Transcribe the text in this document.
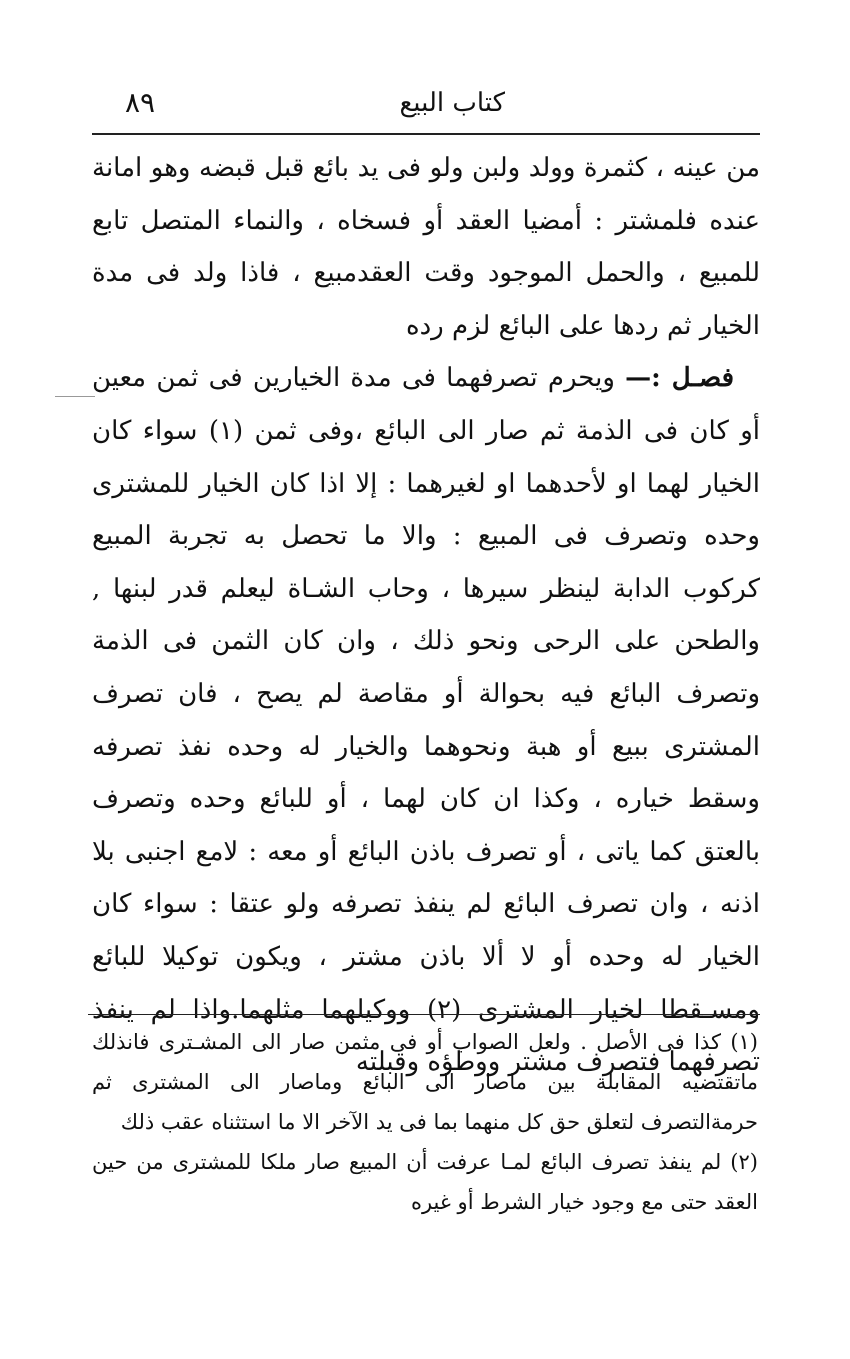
كتاب البيع
٨٩

من عينه ، كثمرة وولد ولبن ولو فى يد بائع قبل قبضه وهو امانة عنده فلمشتر : أمضيا العقد أو فسخاه ، والنماء المتصل تابع للمبيع ، والحمل الموجود وقت العقدمبيع ، فاذا ولد فى مدة الخيار ثم ردها على البائع لزم رده

 فصـل :— ويحرم تصرفهما فى مدة الخيارين فى ثمن معين أو كان فى الذمة ثم صار الى البائع ،وفى ثمن (١) سواء كان الخيار لهما او لأحدهما او لغيرهما : إلا اذا كان الخيار للمشترى وحده وتصرف فى المبيع : والا ما تحصل به تجربة المبيع كركوب الدابة لينظر سيرها ، وحاب الشـاة ليعلم قدر لبنها , والطحن على الرحى ونحو ذلك ، وان كان الثمن فى الذمة وتصرف البائع فيه بحوالة أو مقاصة لم يصح ، فان تصرف المشترى ببيع أو هبة ونحوهما والخيار له وحده نفذ تصرفه وسقط خياره ، وكذا ان كان لهما ، أو للبائع وحده وتصرف بالعتق كما ياتى ، أو تصرف باذن البائع أو معه : لامع اجنبى بلا اذنه ، وان تصرف البائع لم ينفذ تصرفه ولو عتقا : سواء كان الخيار له وحده أو لا ألا باذن مشتر ، ويكون توكيلا للبائع ومسـقطا لخيار المشترى (٢) ووكيلهما مثلهما.واذا لم ينفذ تصرفهما فتصرف مشتر ووطؤه وقبلته

(١) كذا فى الأصل . ولعل الصواب أو فى مثمن صار الى المشـترى فانذلك ماتقتضيه المقابلة بين ماصار الى البائع وماصار الى المشترى ثم حرمةالتصرف لتعلق حق كل منهما بما فى يد الآخر الا ما استثناه عقب ذلك

(٢) لم ينفذ تصرف البائع لمـا عرفت أن المبيع صار ملكا للمشترى من حين العقد حتى مع وجود خيار الشرط أو غيره
